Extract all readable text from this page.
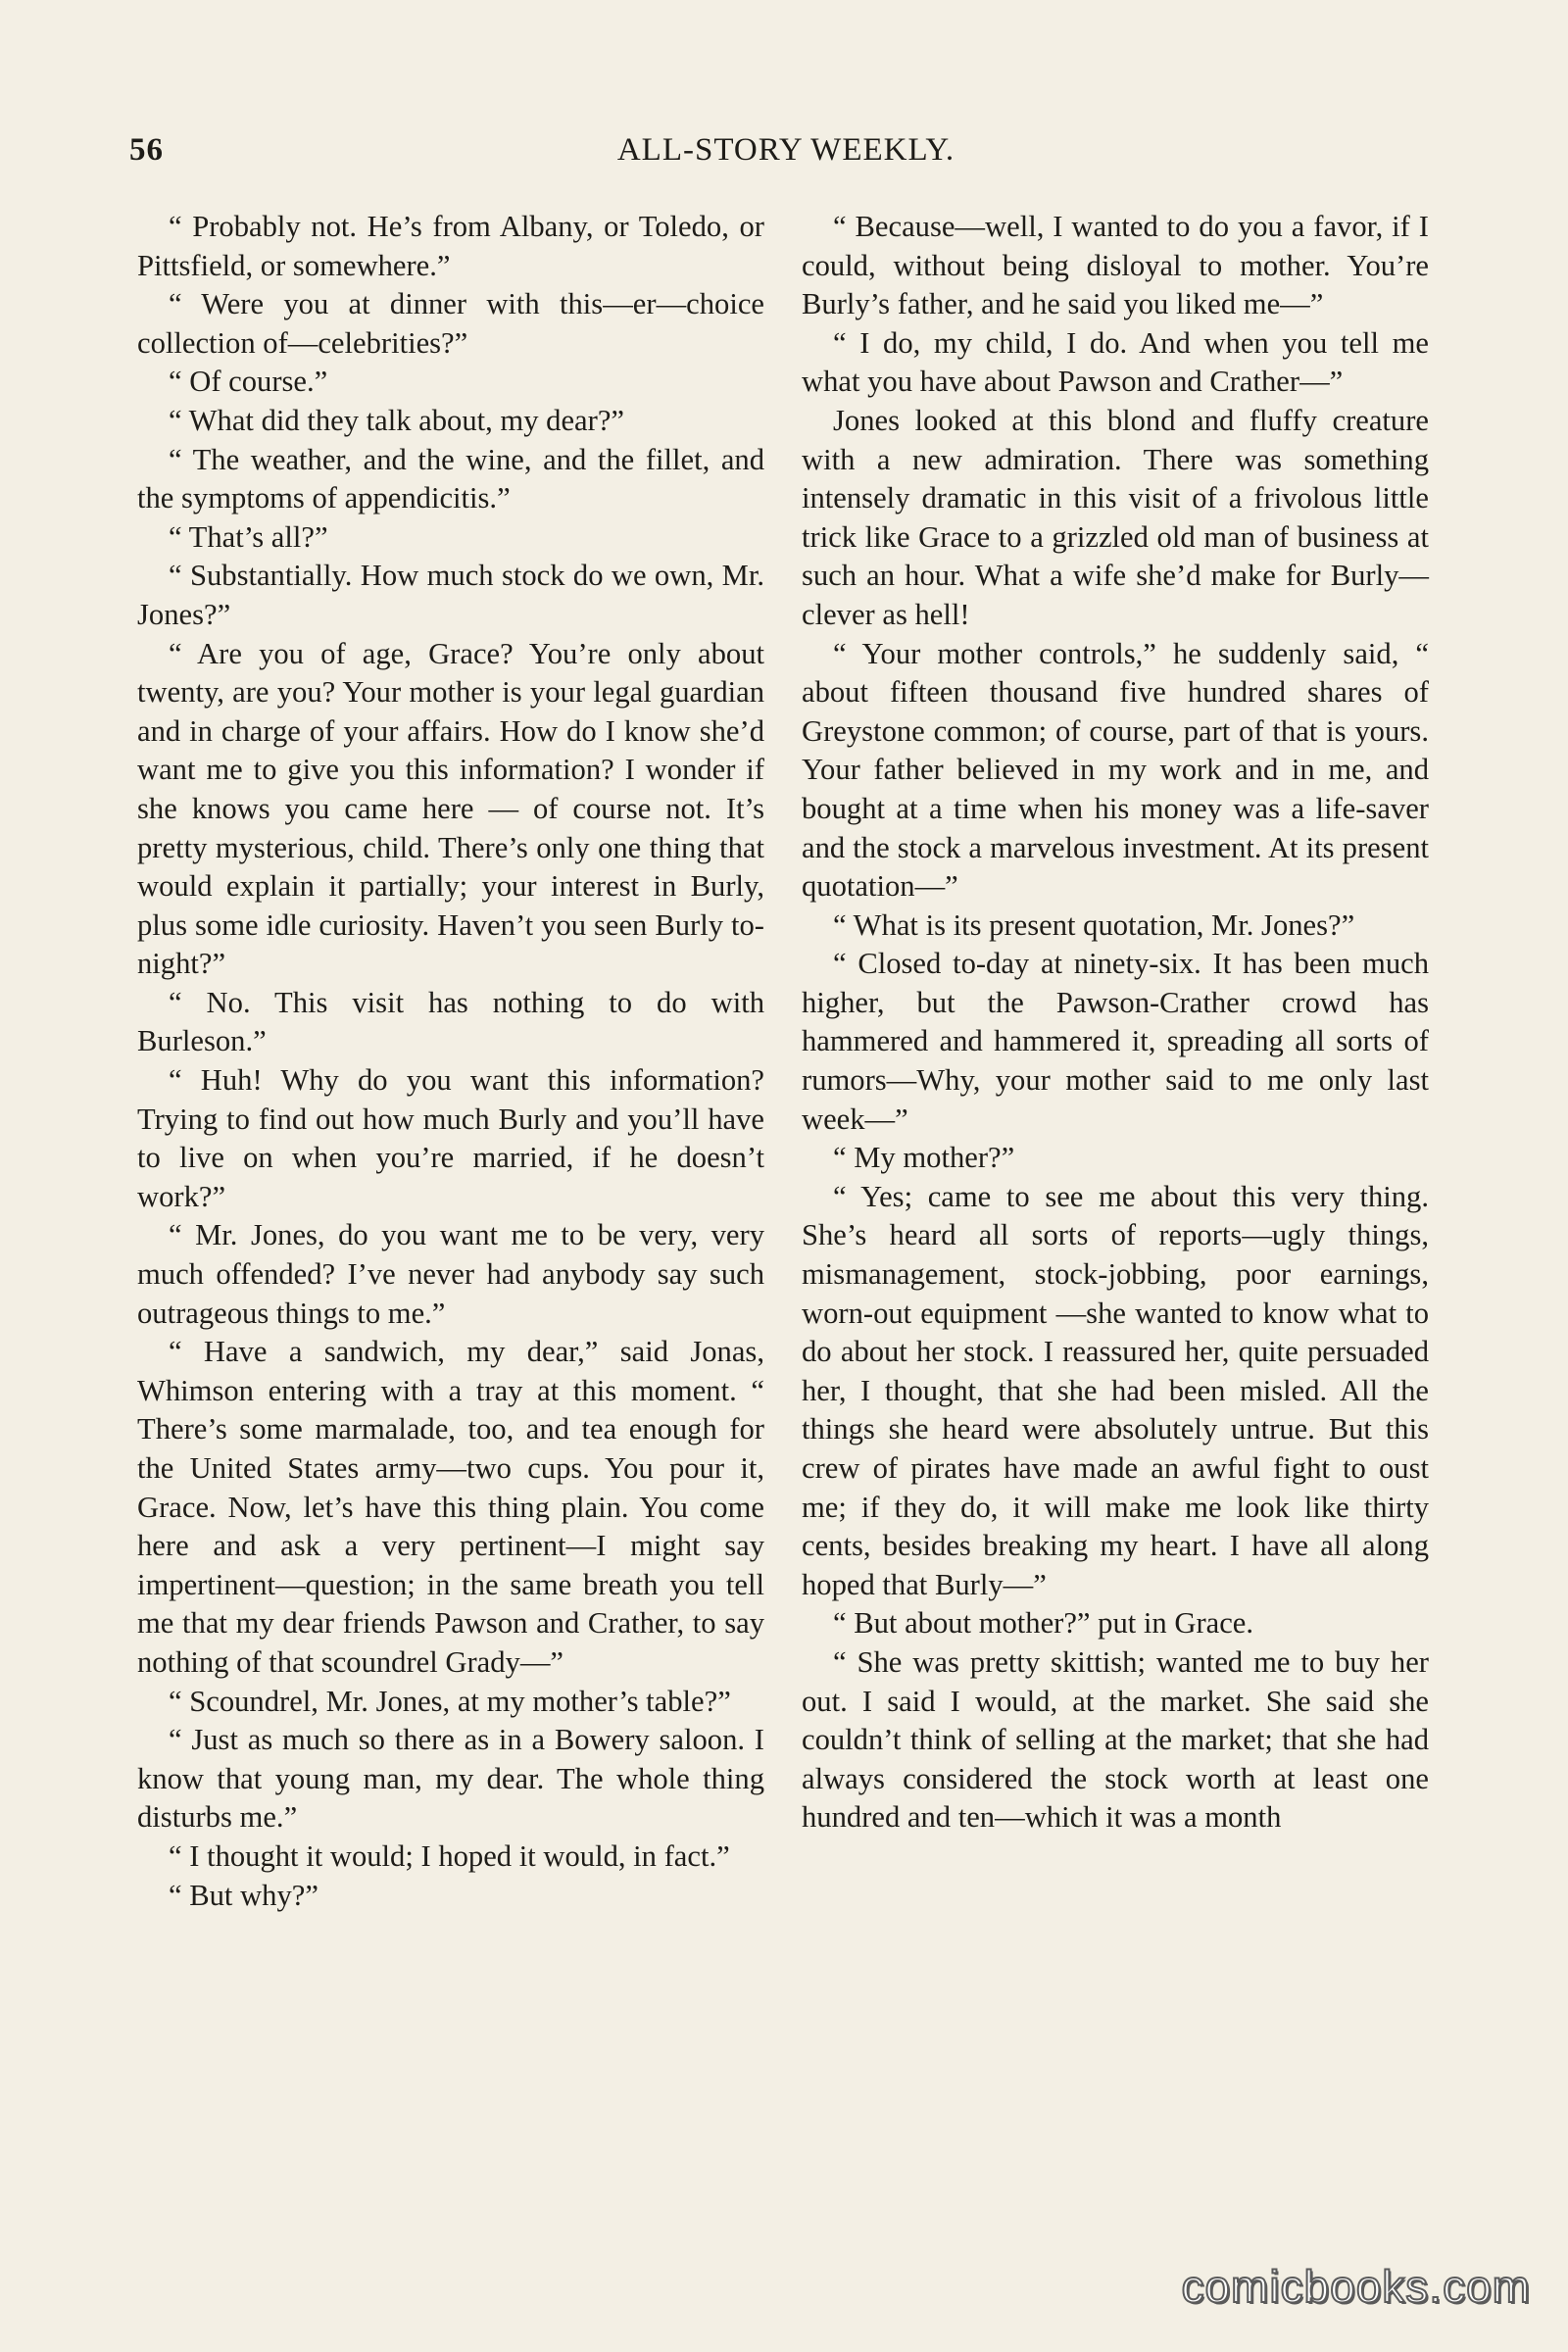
56	ALL-STORY WEEKLY.

“ Probably not. He’s from Albany, or Toledo, or Pittsfield, or somewhere.”

“ Were you at dinner with this—er—choice collection of—celebrities?”

“ Of course.”

“ What did they talk about, my dear?”

“ The weather, and the wine, and the fillet, and the symptoms of appendicitis.”

“ That’s all?”

“ Substantially. How much stock do we own, Mr. Jones?”

“ Are you of age, Grace? You’re only about twenty, are you? Your mother is your legal guardian and in charge of your affairs. How do I know she’d want me to give you this information? I wonder if she knows you came here — of course not. It’s pretty mysterious, child. There’s only one thing that would explain it partially; your interest in Burly, plus some idle curiosity. Haven’t you seen Burly to-night?”

“ No. This visit has nothing to do with Burleson.”

“ Huh! Why do you want this information? Trying to find out how much Burly and you’ll have to live on when you’re married, if he doesn’t work?”

“ Mr. Jones, do you want me to be very, very much offended? I’ve never had anybody say such outrageous things to me.”

“ Have a sandwich, my dear,” said Jonas, Whimson entering with a tray at this moment. “ There’s some marmalade, too, and tea enough for the United States army—two cups. You pour it, Grace. Now, let’s have this thing plain. You come here and ask a very pertinent—I might say impertinent—question; in the same breath you tell me that my dear friends Pawson and Crather, to say nothing of that scoundrel Grady—”

“ Scoundrel, Mr. Jones, at my mother’s table?”

“ Just as much so there as in a Bowery saloon. I know that young man, my dear. The whole thing disturbs me.”

“ I thought it would; I hoped it would, in fact.”

“ But why?”

“ Because—well, I wanted to do you a favor, if I could, without being disloyal to mother. You’re Burly’s father, and he said you liked me—”

“ I do, my child, I do. And when you tell me what you have about Pawson and Crather—”

Jones looked at this blond and fluffy creature with a new admiration. There was something intensely dramatic in this visit of a frivolous little trick like Grace to a grizzled old man of business at such an hour. What a wife she’d make for Burly—clever as hell!

“ Your mother controls,” he suddenly said, “ about fifteen thousand five hundred shares of Greystone common; of course, part of that is yours. Your father believed in my work and in me, and bought at a time when his money was a life-saver and the stock a marvelous investment. At its present quotation—”

“ What is its present quotation, Mr. Jones?”

“ Closed to-day at ninety-six. It has been much higher, but the Pawson-Crather crowd has hammered and hammered it, spreading all sorts of rumors—Why, your mother said to me only last week—”

“ My mother?”

“ Yes; came to see me about this very thing. She’s heard all sorts of reports—ugly things, mismanagement, stock-jobbing, poor earnings, worn-out equipment —she wanted to know what to do about her stock. I reassured her, quite persuaded her, I thought, that she had been misled. All the things she heard were absolutely untrue. But this crew of pirates have made an awful fight to oust me; if they do, it will make me look like thirty cents, besides breaking my heart. I have all along hoped that Burly—”

“ But about mother?” put in Grace.

“ She was pretty skittish; wanted me to buy her out. I said I would, at the market. She said she couldn’t think of selling at the market; that she had always considered the stock worth at least one hundred and ten—which it was a month

comicbooks.com
